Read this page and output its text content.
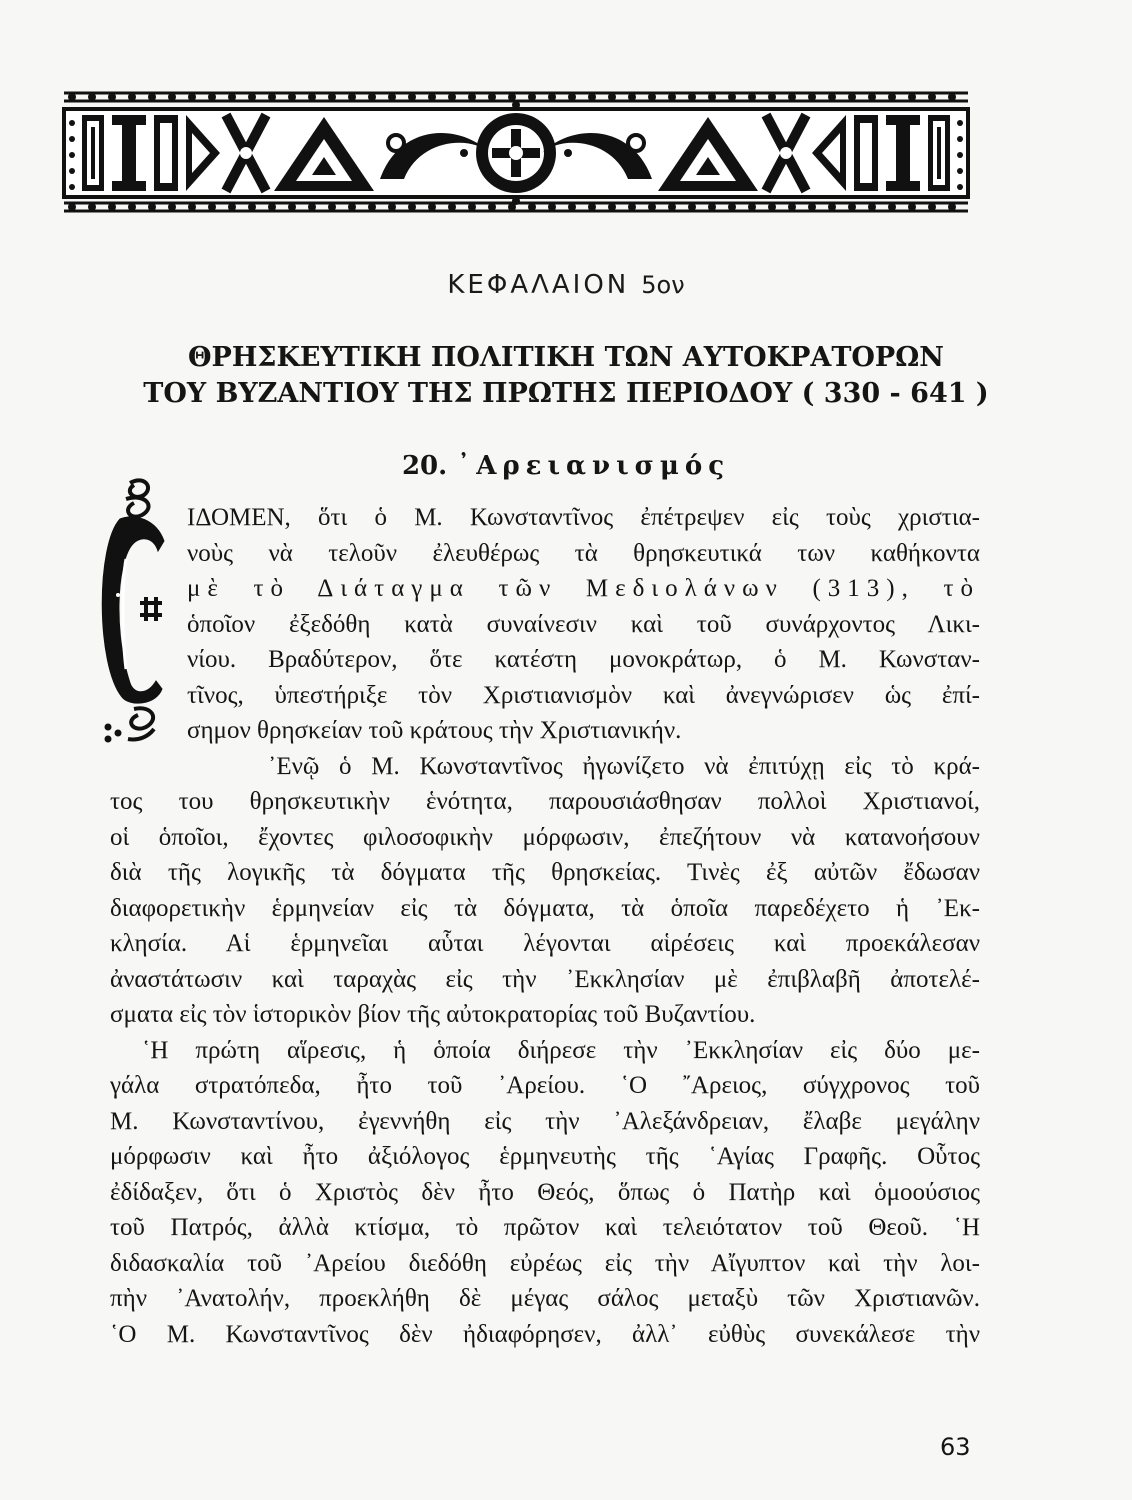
ΚΕΦΑΛΑΙΟΝ 5ον
ΘΡΗΣΚΕΥΤΙΚΗ ΠΟΛΙΤΙΚΗ ΤΩΝ ΑΥΤΟΚΡΑΤΟΡΩΝ
ΤΟΥ ΒΥΖΑΝΤΙΟΥ ΤΗΣ ΠΡΩΤΗΣ ΠΕΡΙΟΔΟΥ ( 330 - 641 )
20. ᾽Αρειανισμός
ΙΔΟΜΕΝ, ὅτι ὁ Μ. Κωνσταντῖνος ἐπέτρεψεν εἰς τοὺς χριστια-
νοὺς νὰ τελοῦν ἐλευθέρως τὰ θρησκευτικά των καθήκοντα
μὲ τὸ Διάταγμα τῶν Μεδιολάνων (313), τὸ
ὁποῖον ἐξεδόθη κατὰ συναίνεσιν καὶ τοῦ συνάρχοντος Λικι-
νίου. Βραδύτερον, ὅτε κατέστη μονοκράτωρ, ὁ Μ. Κωνσταν-
τῖνος, ὑπεστήριξε τὸν Χριστιανισμὸν καὶ ἀνεγνώρισεν ὡς ἐπί-
σημον θρησκείαν τοῦ κράτους τὴν Χριστιανικήν.
᾽Ενῷ ὁ Μ. Κωνσταντῖνος ἠγωνίζετο νὰ ἐπιτύχῃ εἰς τὸ κρά-
τος του θρησκευτικὴν ἑνότητα, παρουσιάσθησαν πολλοὶ Χριστιανοί,
οἱ ὁποῖοι, ἔχοντες φιλοσοφικὴν μόρφωσιν, ἐπεζήτουν νὰ κατανοήσουν
διὰ τῆς λογικῆς τὰ δόγματα τῆς θρησκείας. Τινὲς ἐξ αὐτῶν ἔδωσαν
διαφορετικὴν ἑρμηνείαν εἰς τὰ δόγματα, τὰ ὁποῖα παρεδέχετο ἡ ᾽Εκ-
κλησία. Αἱ ἑρμηνεῖαι αὗται λέγονται αἱρέσεις καὶ προεκάλεσαν
ἀναστάτωσιν καὶ ταραχὰς εἰς τὴν ᾽Εκκλησίαν μὲ ἐπιβλαβῆ ἀποτελέ-
σματα εἰς τὸν ἱστορικὸν βίον τῆς αὐτοκρατορίας τοῦ Βυζαντίου.
῾Η πρώτη αἵρεσις, ἡ ὁποία διήρεσε τὴν ᾽Εκκλησίαν εἰς δύο με-
γάλα στρατόπεδα, ἦτο τοῦ ᾽Αρείου. ῾Ο ῎Αρειος, σύγχρονος τοῦ
Μ. Κωνσταντίνου, ἐγεννήθη εἰς τὴν ᾽Αλεξάνδρειαν, ἔλαβε μεγάλην
μόρφωσιν καὶ ἦτο ἀξιόλογος ἑρμηνευτὴς τῆς ῾Αγίας Γραφῆς. Οὗτος
ἐδίδαξεν, ὅτι ὁ Χριστὸς δὲν ἦτο Θεός, ὅπως ὁ Πατὴρ καὶ ὁμοούσιος
τοῦ Πατρός, ἀλλὰ κτίσμα, τὸ πρῶτον καὶ τελειότατον τοῦ Θεοῦ. ῾Η
διδασκαλία τοῦ ᾽Αρείου διεδόθη εὐρέως εἰς τὴν Αἴγυπτον καὶ τὴν λοι-
πὴν ᾽Ανατολήν, προεκλήθη δὲ μέγας σάλος μεταξὺ τῶν Χριστιανῶν.
῾Ο Μ. Κωνσταντῖνος δὲν ἠδιαφόρησεν, ἀλλ᾽ εὐθὺς συνεκάλεσε τὴν
63
